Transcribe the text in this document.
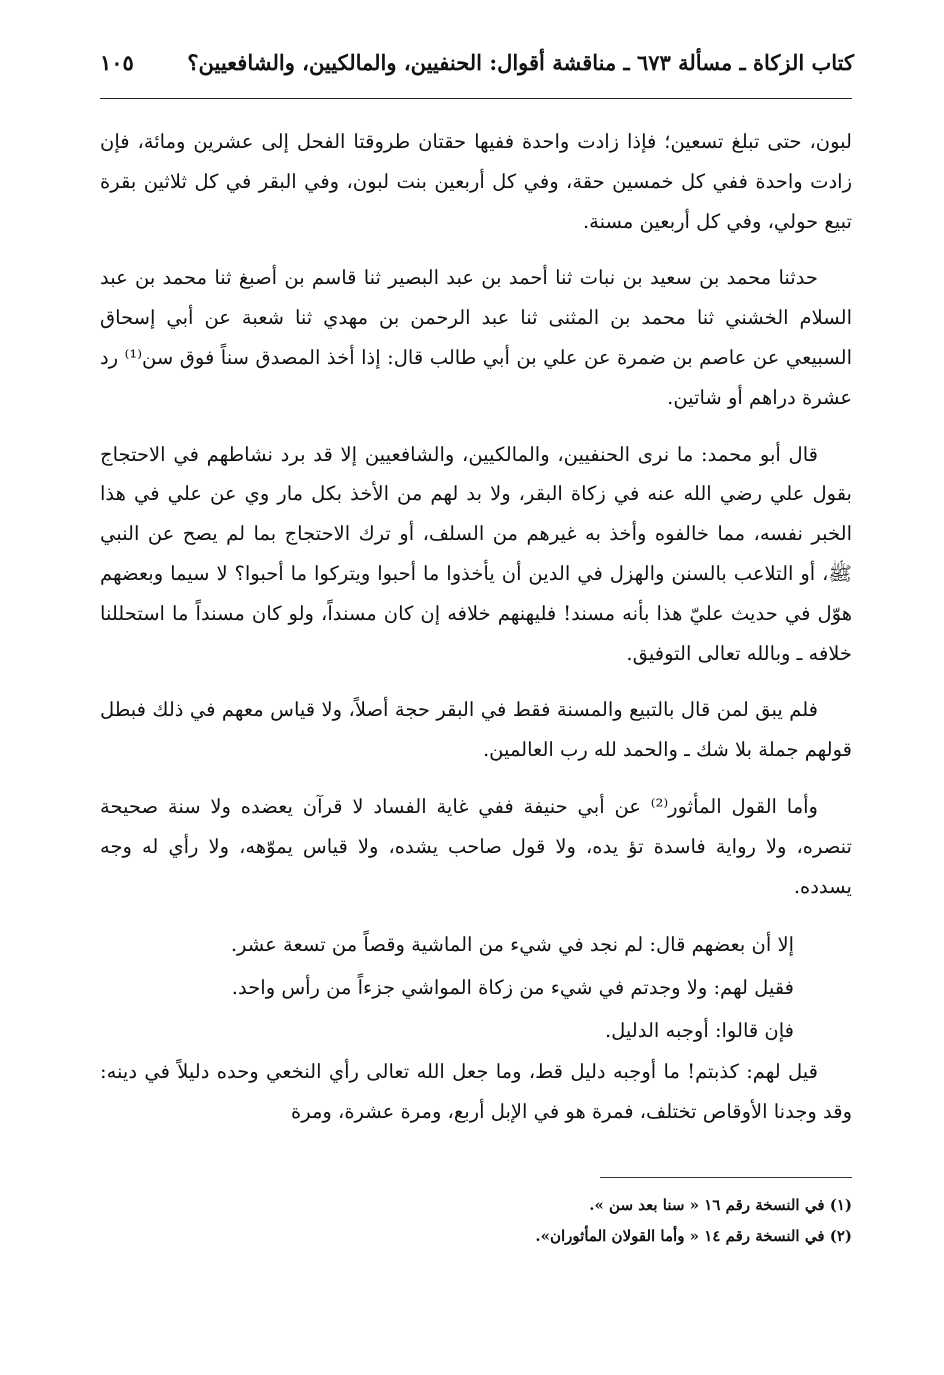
كتاب الزكاة ـ مسألة ٦٧٣ ـ مناقشة أقوال: الحنفيين، والمالكيين، والشافعيين؟
١٠٥

لبون، حتى تبلغ تسعين؛ فإذا زادت واحدة ففيها حقتان طروقتا الفحل إلى عشرين ومائة، فإن زادت واحدة ففي كل خمسين حقة، وفي كل أربعين بنت لبون، وفي البقر في كل ثلاثين بقرة تبيع حولي، وفي كل أربعين مسنة.

حدثنا محمد بن سعيد بن نبات ثنا أحمد بن عبد البصير ثنا قاسم بن أصبغ ثنا محمد بن عبد السلام الخشني ثنا محمد بن المثنى ثنا عبد الرحمن بن مهدي ثنا شعبة عن أبي إسحاق السبيعي عن عاصم بن ضمرة عن علي بن أبي طالب قال: إذا أخذ المصدق سناً فوق سن⁽¹⁾ رد عشرة دراهم أو شاتين.

قال أبو محمد: ما نرى الحنفيين، والمالكيين، والشافعيين إلا قد برد نشاطهم في الاحتجاج بقول علي رضي الله عنه في زكاة البقر، ولا بد لهم من الأخذ بكل مار وي عن علي في هذا الخبر نفسه، مما خالفوه وأخذ به غيرهم من السلف، أو ترك الاحتجاج بما لم يصح عن النبي ﷺ، أو التلاعب بالسنن والهزل في الدين أن يأخذوا ما أحبوا ويتركوا ما أحبوا؟ لا سيما وبعضهم هوّل في حديث عليّ هذا بأنه مسند! فليهنهم خلافه إن كان مسنداً، ولو كان مسنداً ما استحللنا خلافه ـ وبالله تعالى التوفيق.

فلم يبق لمن قال بالتبيع والمسنة فقط في البقر حجة أصلاً، ولا قياس معهم في ذلك فبطل قولهم جملة بلا شك ـ والحمد لله رب العالمين.

وأما القول المأثور⁽²⁾ عن أبي حنيفة ففي غاية الفساد لا قرآن يعضده ولا سنة صحيحة تنصره، ولا رواية فاسدة تؤ يده، ولا قول صاحب يشده، ولا قياس يموّهه، ولا رأي له وجه يسدده.

إلا أن بعضهم قال: لم نجد في شيء من الماشية وقصاً من تسعة عشر.

فقيل لهم: ولا وجدتم في شيء من زكاة المواشي جزءاً من رأس واحد.

فإن قالوا: أوجبه الدليل.

قيل لهم: كذبتم! ما أوجبه دليل قط، وما جعل الله تعالى رأي النخعي وحده دليلاً في دينه: وقد وجدنا الأوقاص تختلف، فمرة هو في الإبل أربع، ومرة عشرة، ومرة

(١) في النسخة رقم ١٦ « سنا بعد سن ».
(٢) في النسخة رقم ١٤ « وأما القولان المأثوران».
